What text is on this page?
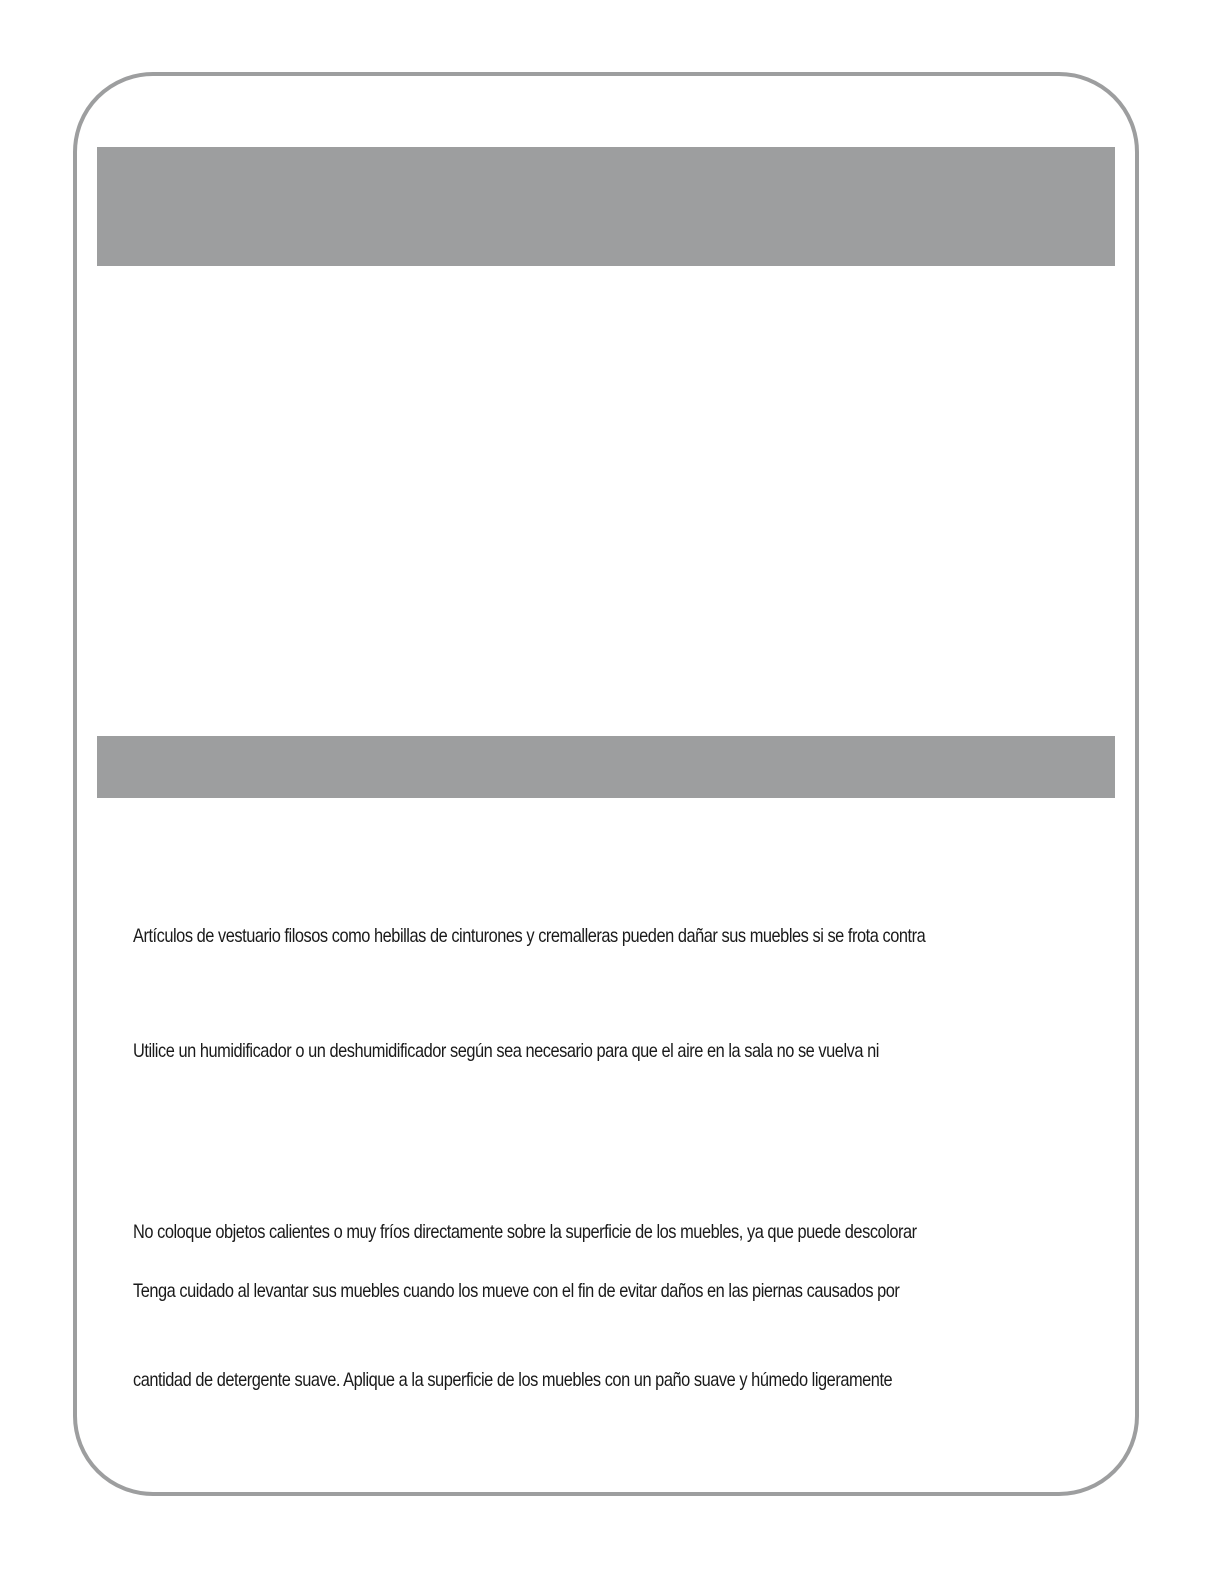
Artículos de vestuario filosos como hebillas de cinturones y cremalleras pueden dañar sus muebles si se frota contra
Utilice un humidificador o un deshumidificador según sea necesario para que el aire en la sala no se vuelva ni
No coloque objetos calientes o muy fríos directamente sobre la superficie de los muebles, ya que puede descolorar
Tenga cuidado al levantar sus muebles cuando los mueve con el fin de evitar daños en las piernas causados por
cantidad de detergente suave. Aplique a la superficie de los muebles con un paño suave y húmedo ligeramente
